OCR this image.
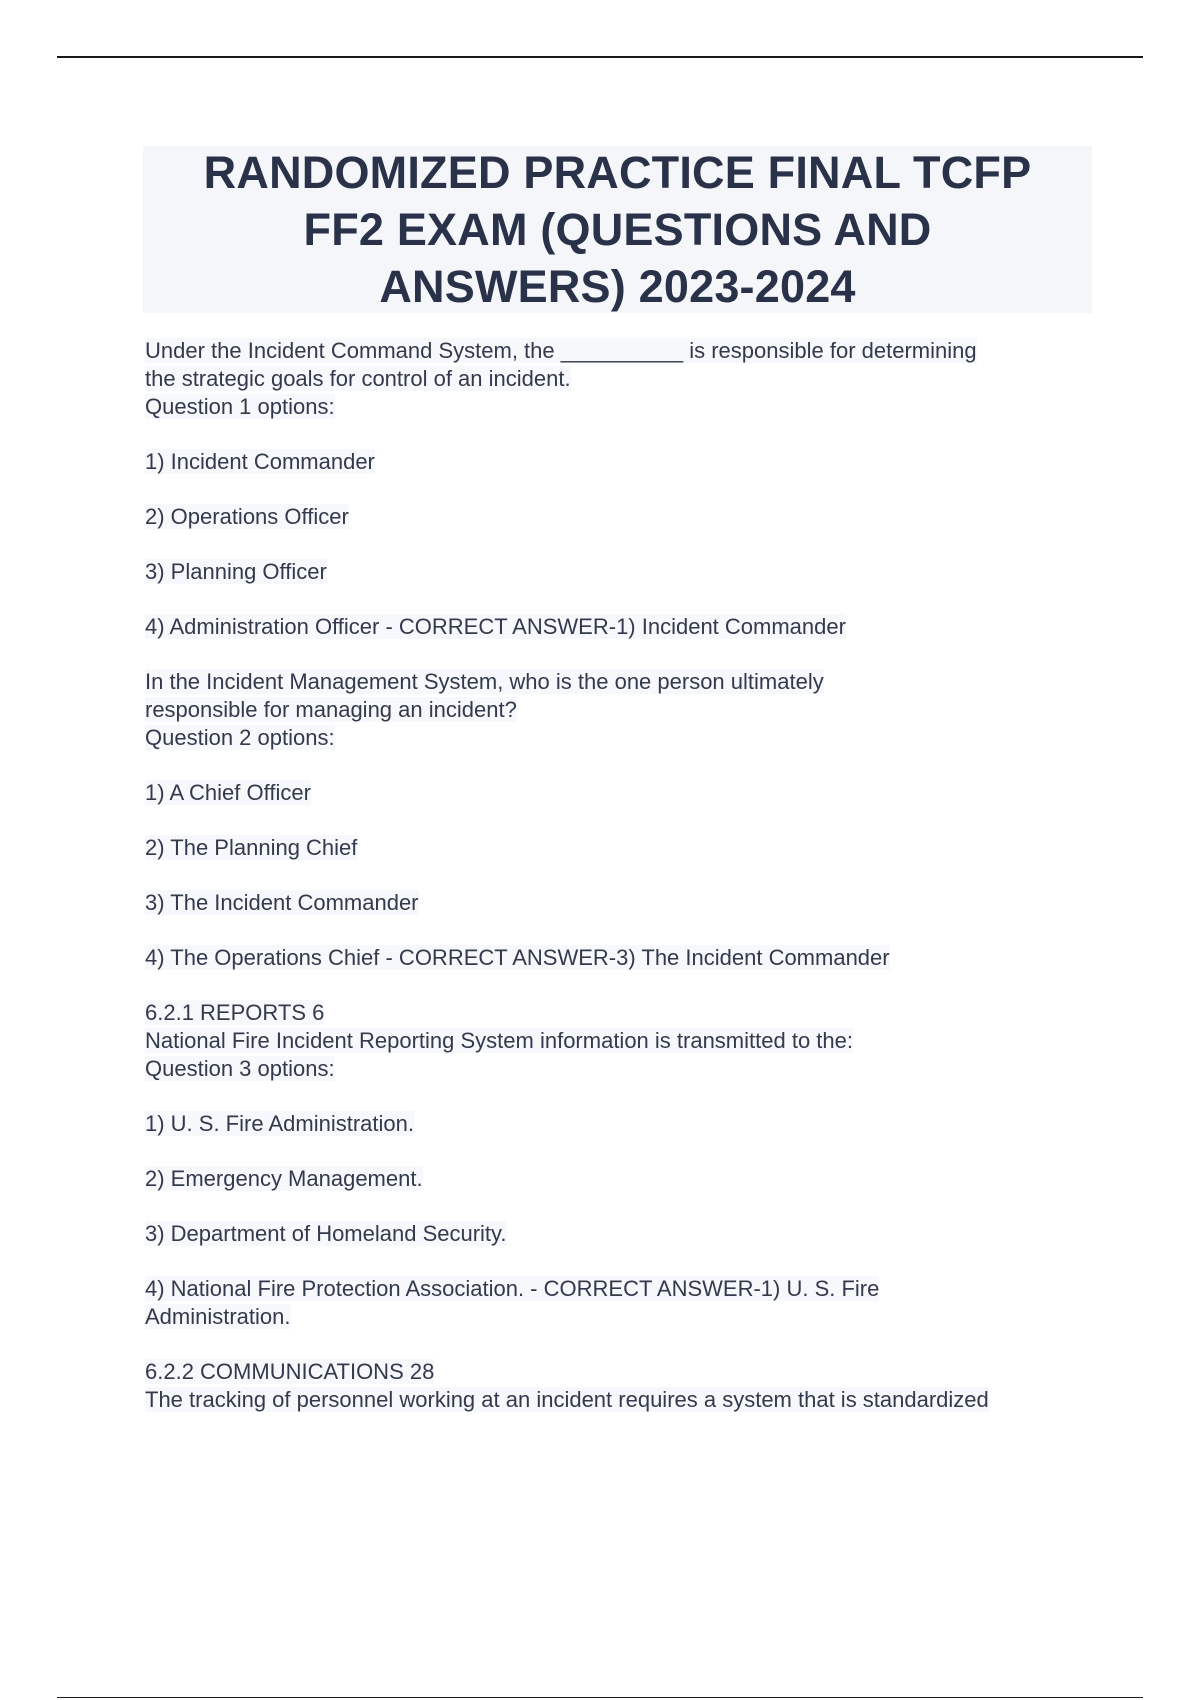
RANDOMIZED PRACTICE FINAL TCFP
FF2 EXAM (QUESTIONS AND
ANSWERS) 2023-2024
Under the Incident Command System, the __________ is responsible for determining
the strategic goals for control of an incident.
Question 1 options:
1) Incident Commander
2) Operations Officer
3) Planning Officer
4) Administration Officer - CORRECT ANSWER-1) Incident Commander
In the Incident Management System, who is the one person ultimately
responsible for managing an incident?
Question 2 options:
1) A Chief Officer
2) The Planning Chief
3) The Incident Commander
4) The Operations Chief - CORRECT ANSWER-3) The Incident Commander
6.2.1 REPORTS 6
National Fire Incident Reporting System information is transmitted to the:
Question 3 options:
1) U. S. Fire Administration.
2) Emergency Management.
3) Department of Homeland Security.
4) National Fire Protection Association. - CORRECT ANSWER-1) U. S. Fire
Administration.
6.2.2 COMMUNICATIONS 28
The tracking of personnel working at an incident requires a system that is standardized
